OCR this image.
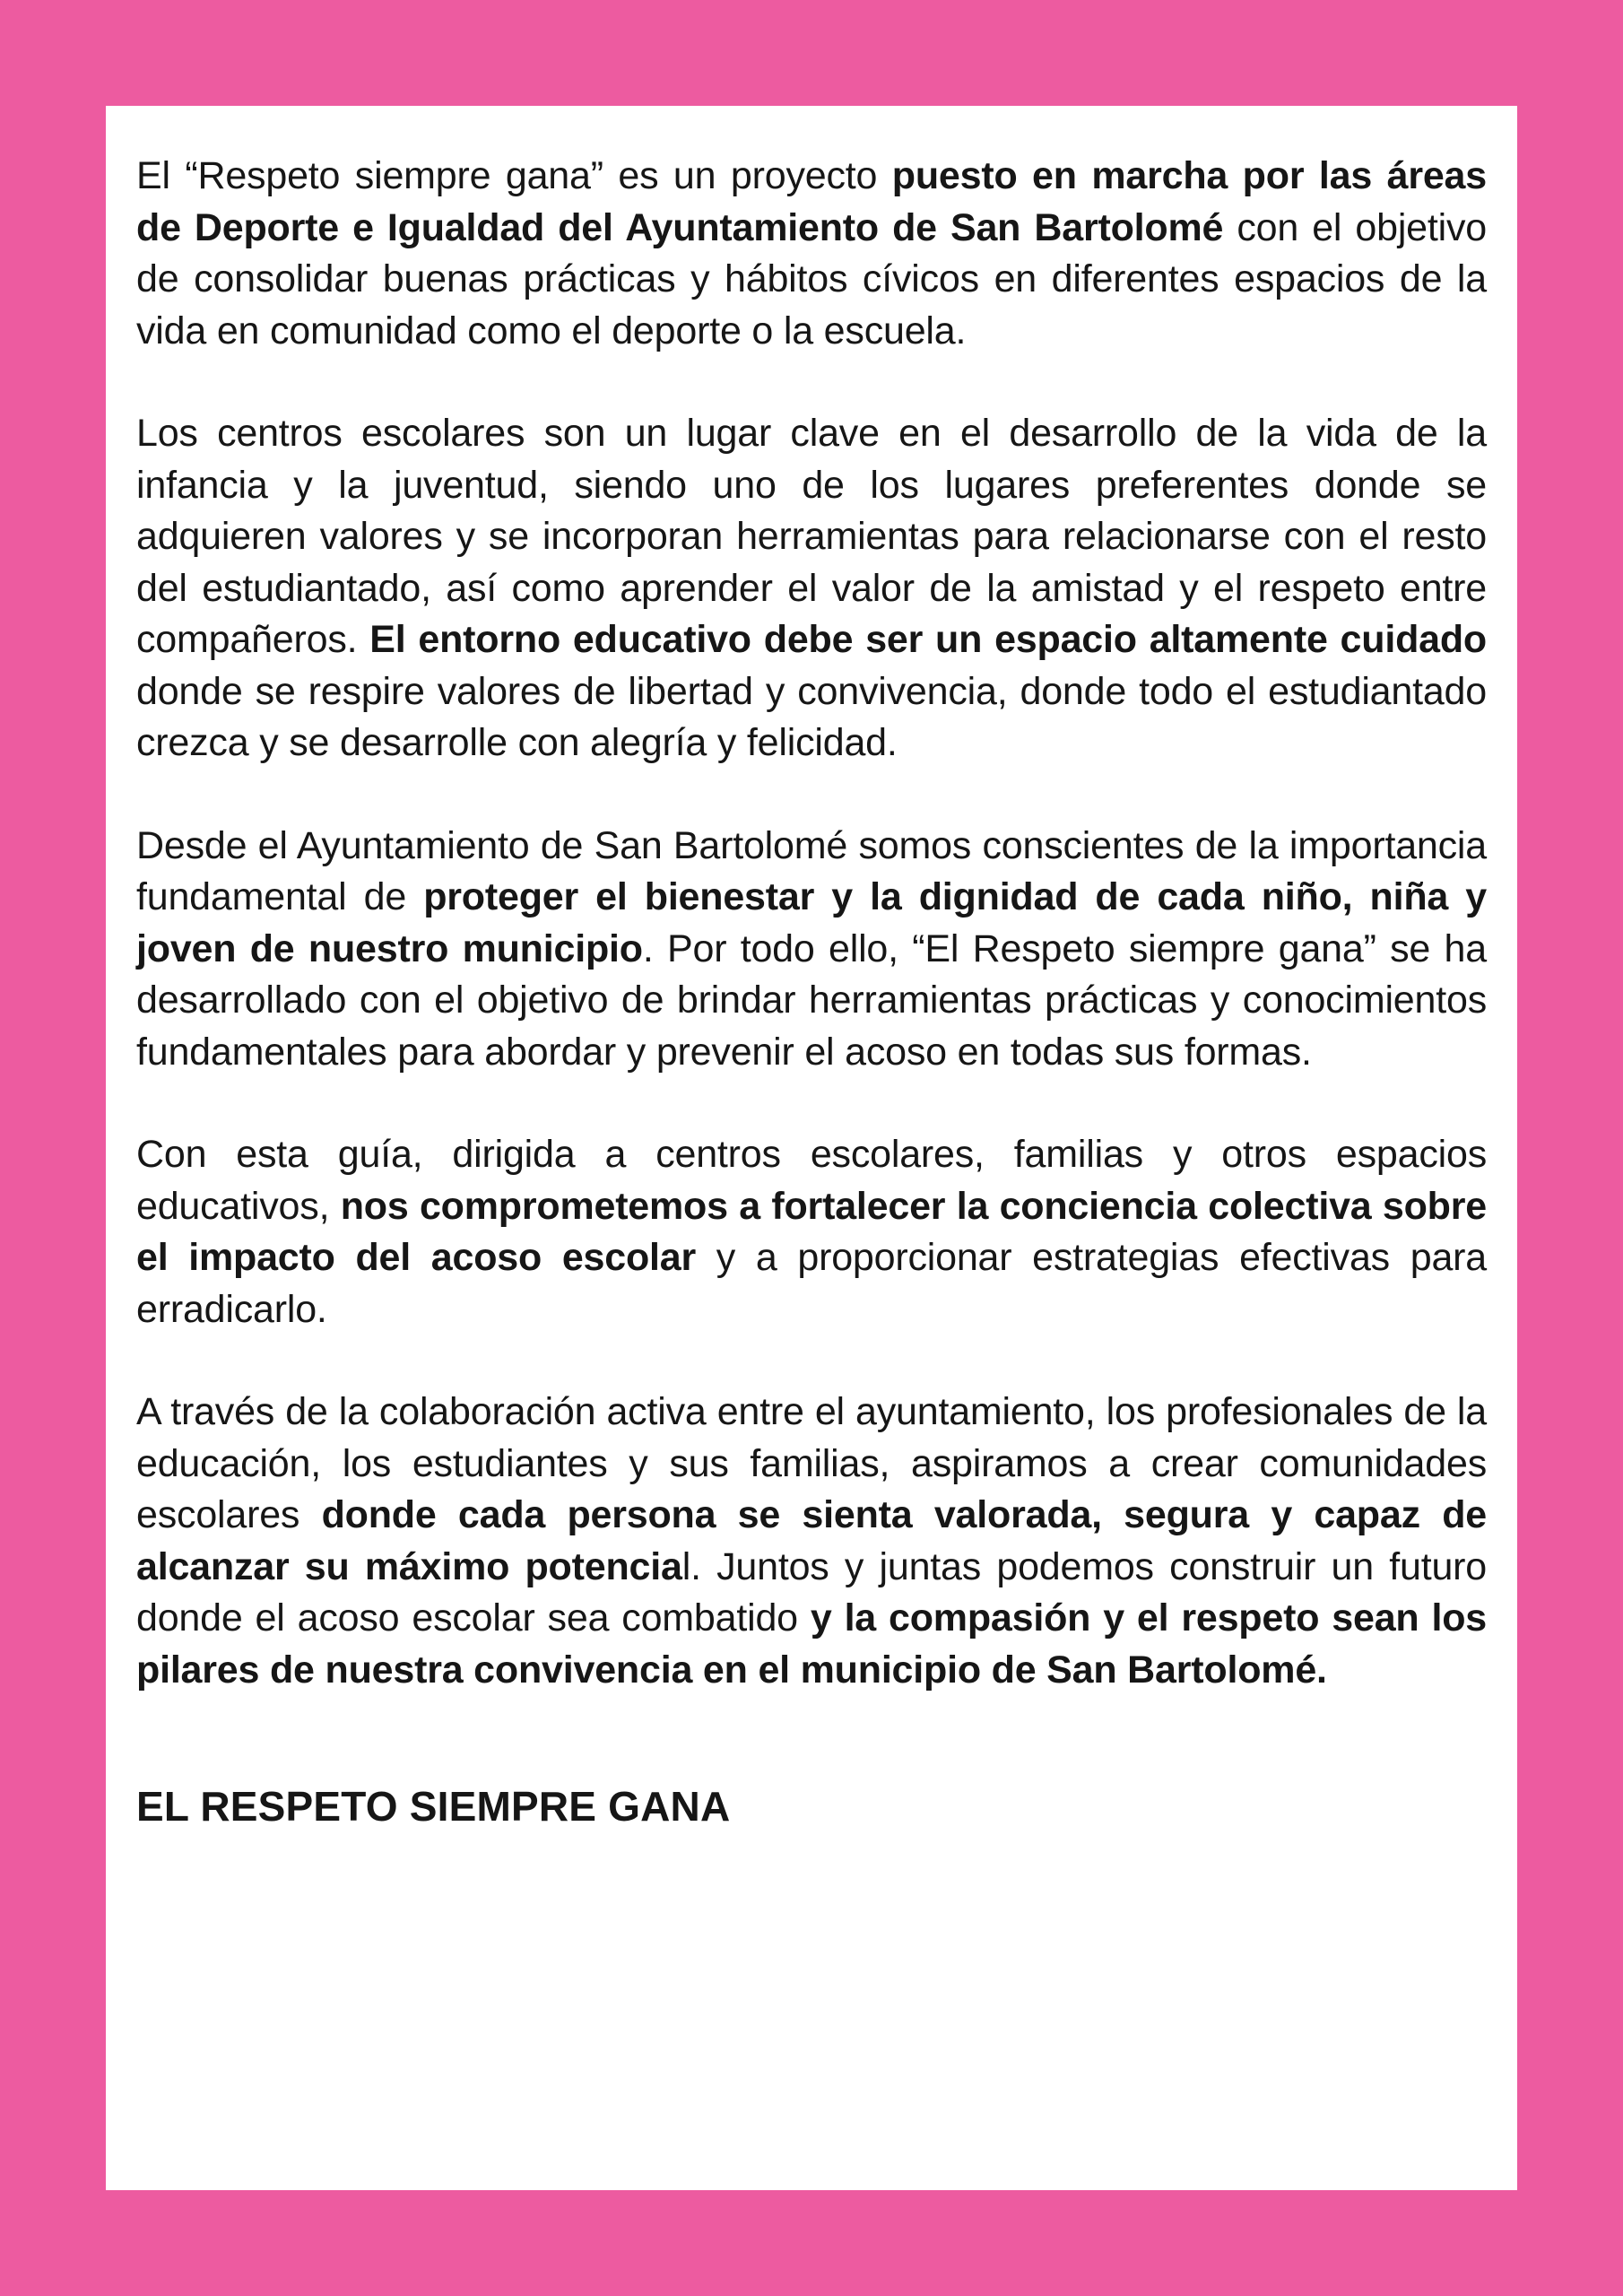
El “Respeto siempre gana” es un proyecto puesto en marcha por las áreas de Deporte e Igualdad del Ayuntamiento de San Bartolomé con el objetivo de consolidar buenas prácticas y hábitos cívicos en diferentes espacios de la vida en comunidad como el deporte o la escuela.

Los centros escolares son un lugar clave en el desarrollo de la vida de la infancia y la juventud, siendo uno de los lugares preferentes donde se adquieren valores y se incorporan herramientas para relacionarse con el resto del estudiantado, así como aprender el valor de la amistad y el respeto entre compañeros. El entorno educativo debe ser un espacio altamente cuidado donde se respire valores de libertad y convivencia, donde todo el estudiantado crezca y se desarrolle con alegría y felicidad.

Desde el Ayuntamiento de San Bartolomé somos conscientes de la importancia fundamental de proteger el bienestar y la dignidad de cada niño, niña y joven de nuestro municipio. Por todo ello, “El Respeto siempre gana” se ha desarrollado con el objetivo de brindar herramientas prácticas y conocimientos fundamentales para abordar y prevenir el acoso en todas sus formas.

Con esta guía, dirigida a centros escolares, familias y otros espacios educativos, nos comprometemos a fortalecer la conciencia colectiva sobre el impacto del acoso escolar y a proporcionar estrategias efectivas para erradicarlo.

A través de la colaboración activa entre el ayuntamiento, los profesionales de la educación, los estudiantes y sus familias, aspiramos a crear comunidades escolares donde cada persona se sienta valorada, segura y capaz de alcanzar su máximo potencial. Juntos y juntas podemos construir un futuro donde el acoso escolar sea combatido y la compasión y el respeto sean los pilares de nuestra convivencia en el municipio de San Bartolomé.

EL RESPETO SIEMPRE GANA
